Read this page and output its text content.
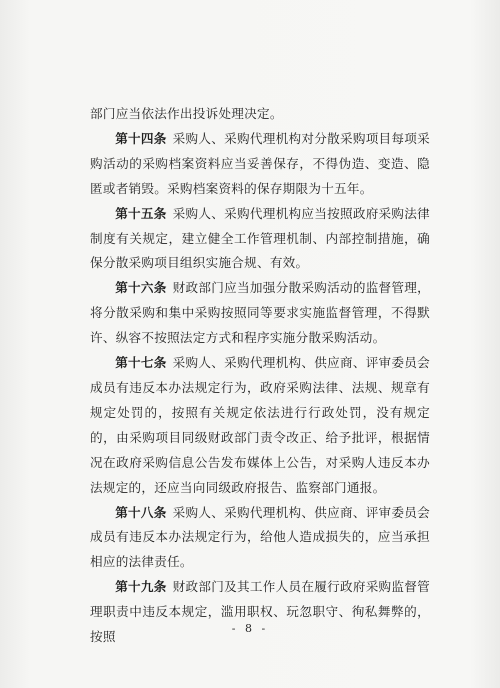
部门应当依法作出投诉处理决定。

第十四条 采购人、采购代理机构对分散采购项目每项采购活动的采购档案资料应当妥善保存，不得伪造、变造、隐匿或者销毁。采购档案资料的保存期限为十五年。

第十五条 采购人、采购代理机构应当按照政府采购法律制度有关规定，建立健全工作管理机制、内部控制措施，确保分散采购项目组织实施合规、有效。

第十六条 财政部门应当加强分散采购活动的监督管理，将分散采购和集中采购按照同等要求实施监督管理，不得默许、纵容不按照法定方式和程序实施分散采购活动。

第十七条 采购人、采购代理机构、供应商、评审委员会成员有违反本办法规定行为，政府采购法律、法规、规章有规定处罚的，按照有关规定依法进行行政处罚，没有规定的，由采购项目同级财政部门责令改正、给予批评，根据情况在政府采购信息公告发布媒体上公告，对采购人违反本办法规定的，还应当向同级政府报告、监察部门通报。

第十八条 采购人、采购代理机构、供应商、评审委员会成员有违反本办法规定行为，给他人造成损失的，应当承担相应的法律责任。

第十九条 财政部门及其工作人员在履行政府采购监督管理职责中违反本规定，滥用职权、玩忽职守、徇私舞弊的，按照

- 8 -
